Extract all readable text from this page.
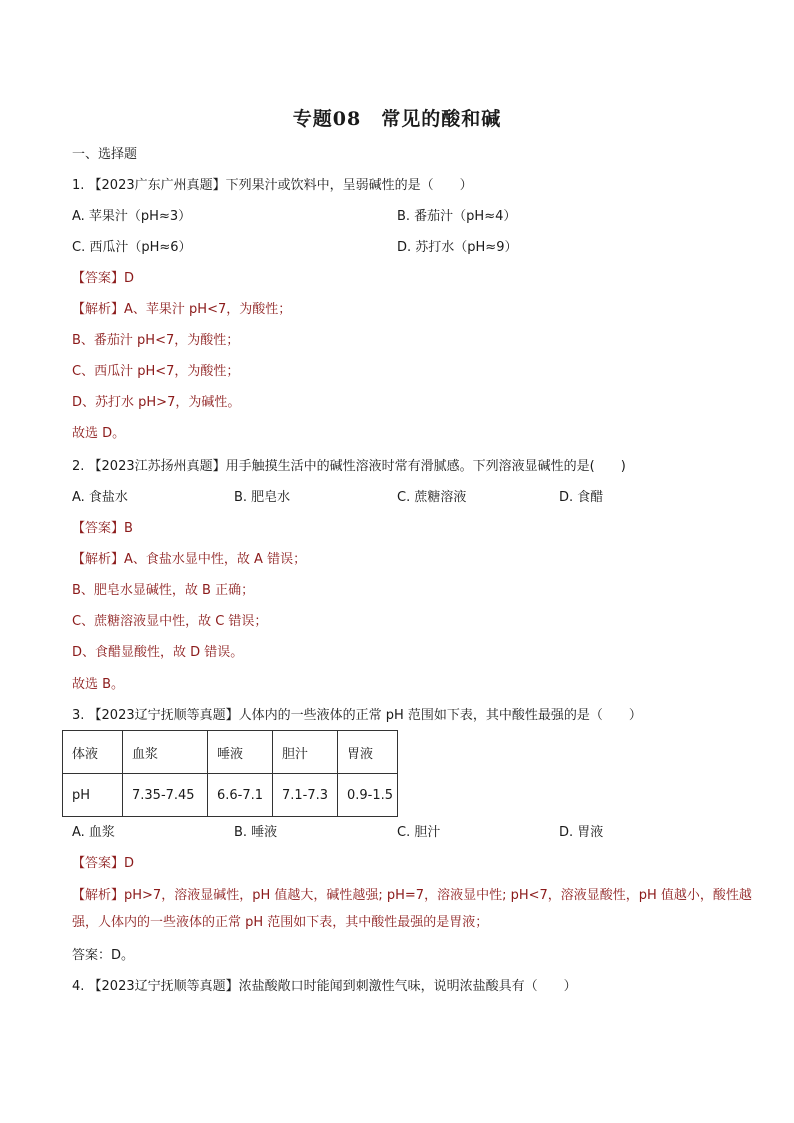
专题08　常见的酸和碱
一、选择题
1. 【2023广东广州真题】下列果汁或饮料中，呈弱碱性的是（　　）
A. 苹果汁（pH≈3）	B. 番茄汁（pH≈4）
C. 西瓜汁（pH≈6）	D. 苏打水（pH≈9）
【答案】D
【解析】A、苹果汁 pH<7，为酸性；
B、番茄汁 pH<7，为酸性；
C、西瓜汁 pH<7，为酸性；
D、苏打水 pH>7，为碱性。
故选 D。
2. 【2023江苏扬州真题】用手触摸生活中的碱性溶液时常有滑腻感。下列溶液显碱性的是(　　)
A. 食盐水	B. 肥皂水	C. 蔗糖溶液	D. 食醋
【答案】B
【解析】A、食盐水显中性，故 A 错误；
B、肥皂水显碱性，故 B 正确；
C、蔗糖溶液显中性，故 C 错误；
D、食醋显酸性，故 D 错误。
故选 B。
3. 【2023辽宁抚顺等真题】人体内的一些液体的正常 pH 范围如下表，其中酸性最强的是（　　）
体液	血浆	唾液	胆汁	胃液
pH	7.35-7.45	6.6-7.1	7.1-7.3	0.9-1.5
A. 血浆	B. 唾液	C. 胆汁	D. 胃液
【答案】D
【解析】pH>7，溶液显碱性，pH 值越大，碱性越强; pH=7，溶液显中性; pH<7，溶液显酸性，pH 值越小，酸性越强，人体内的一些液体的正常 pH 范围如下表，其中酸性最强的是胃液；
答案：D。
4. 【2023辽宁抚顺等真题】浓盐酸敞口时能闻到刺激性气味，说明浓盐酸具有（　　）
